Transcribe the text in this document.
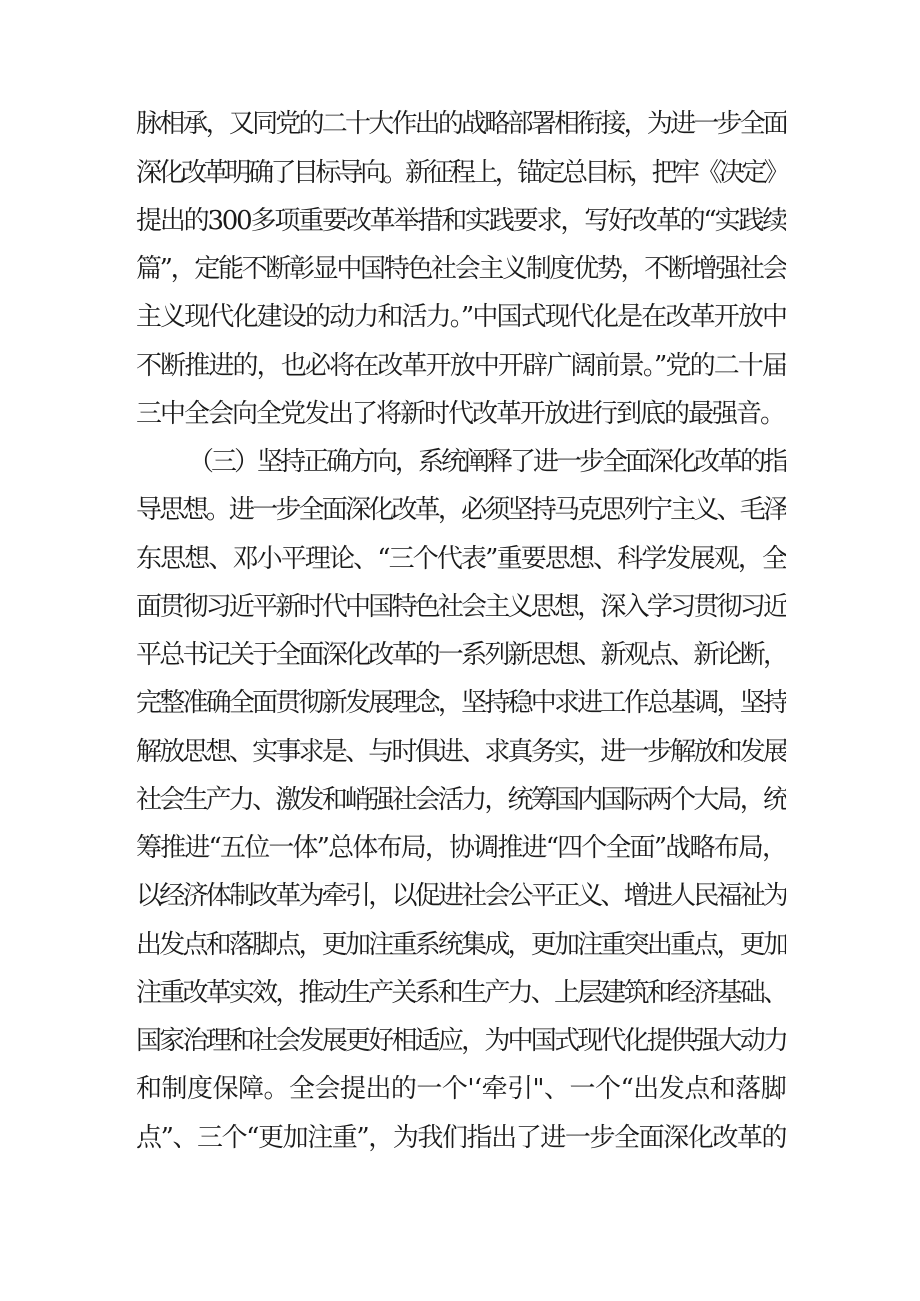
脉相承，又同党的二十大作出的战略部署相衔接，为进一步全面
深化改革明确了目标导向。新征程上，锚定总目标，把牢《决定》
提出的300多项重要改革举措和实践要求，写好改革的“实践续
篇”，定能不断彰显中国特色社会主义制度优势，不断增强社会
主义现代化建设的动力和活力。”中国式现代化是在改革开放中
不断推进的，也必将在改革开放中开辟广阔前景。”党的二十届
三中全会向全党发出了将新时代改革开放进行到底的最强音。
（三）坚持正确方向，系统阐释了进一步全面深化改革的指
导思想。进一步全面深化改革，必须坚持马克思列宁主义、毛泽
东思想、邓小平理论、“三个代表”重要思想、科学发展观，全
面贯彻习近平新时代中国特色社会主义思想，深入学习贯彻习近
平总书记关于全面深化改革的一系列新思想、新观点、新论断，
完整准确全面贯彻新发展理念，坚持稳中求进工作总基调，坚持
解放思想、实事求是、与时俱进、求真务实，进一步解放和发展
社会生产力、激发和峭强社会活力，统筹国内国际两个大局，统
筹推进“五位一体”总体布局，协调推进“四个全面”战略布局，
以经济体制改革为牵引，以促进社会公平正义、增进人民福祉为
出发点和落脚点，更加注重系统集成，更加注重突出重点，更加
注重改革实效，推动生产关系和生产力、上层建筑和经济基础、
国家治理和社会发展更好相适应，为中国式现代化提供强大动力
和制度保障。全会提出的一个'‘牵引"、一个“出发点和落脚
点”、三个“更加注重”，为我们指出了进一步全面深化改革的
